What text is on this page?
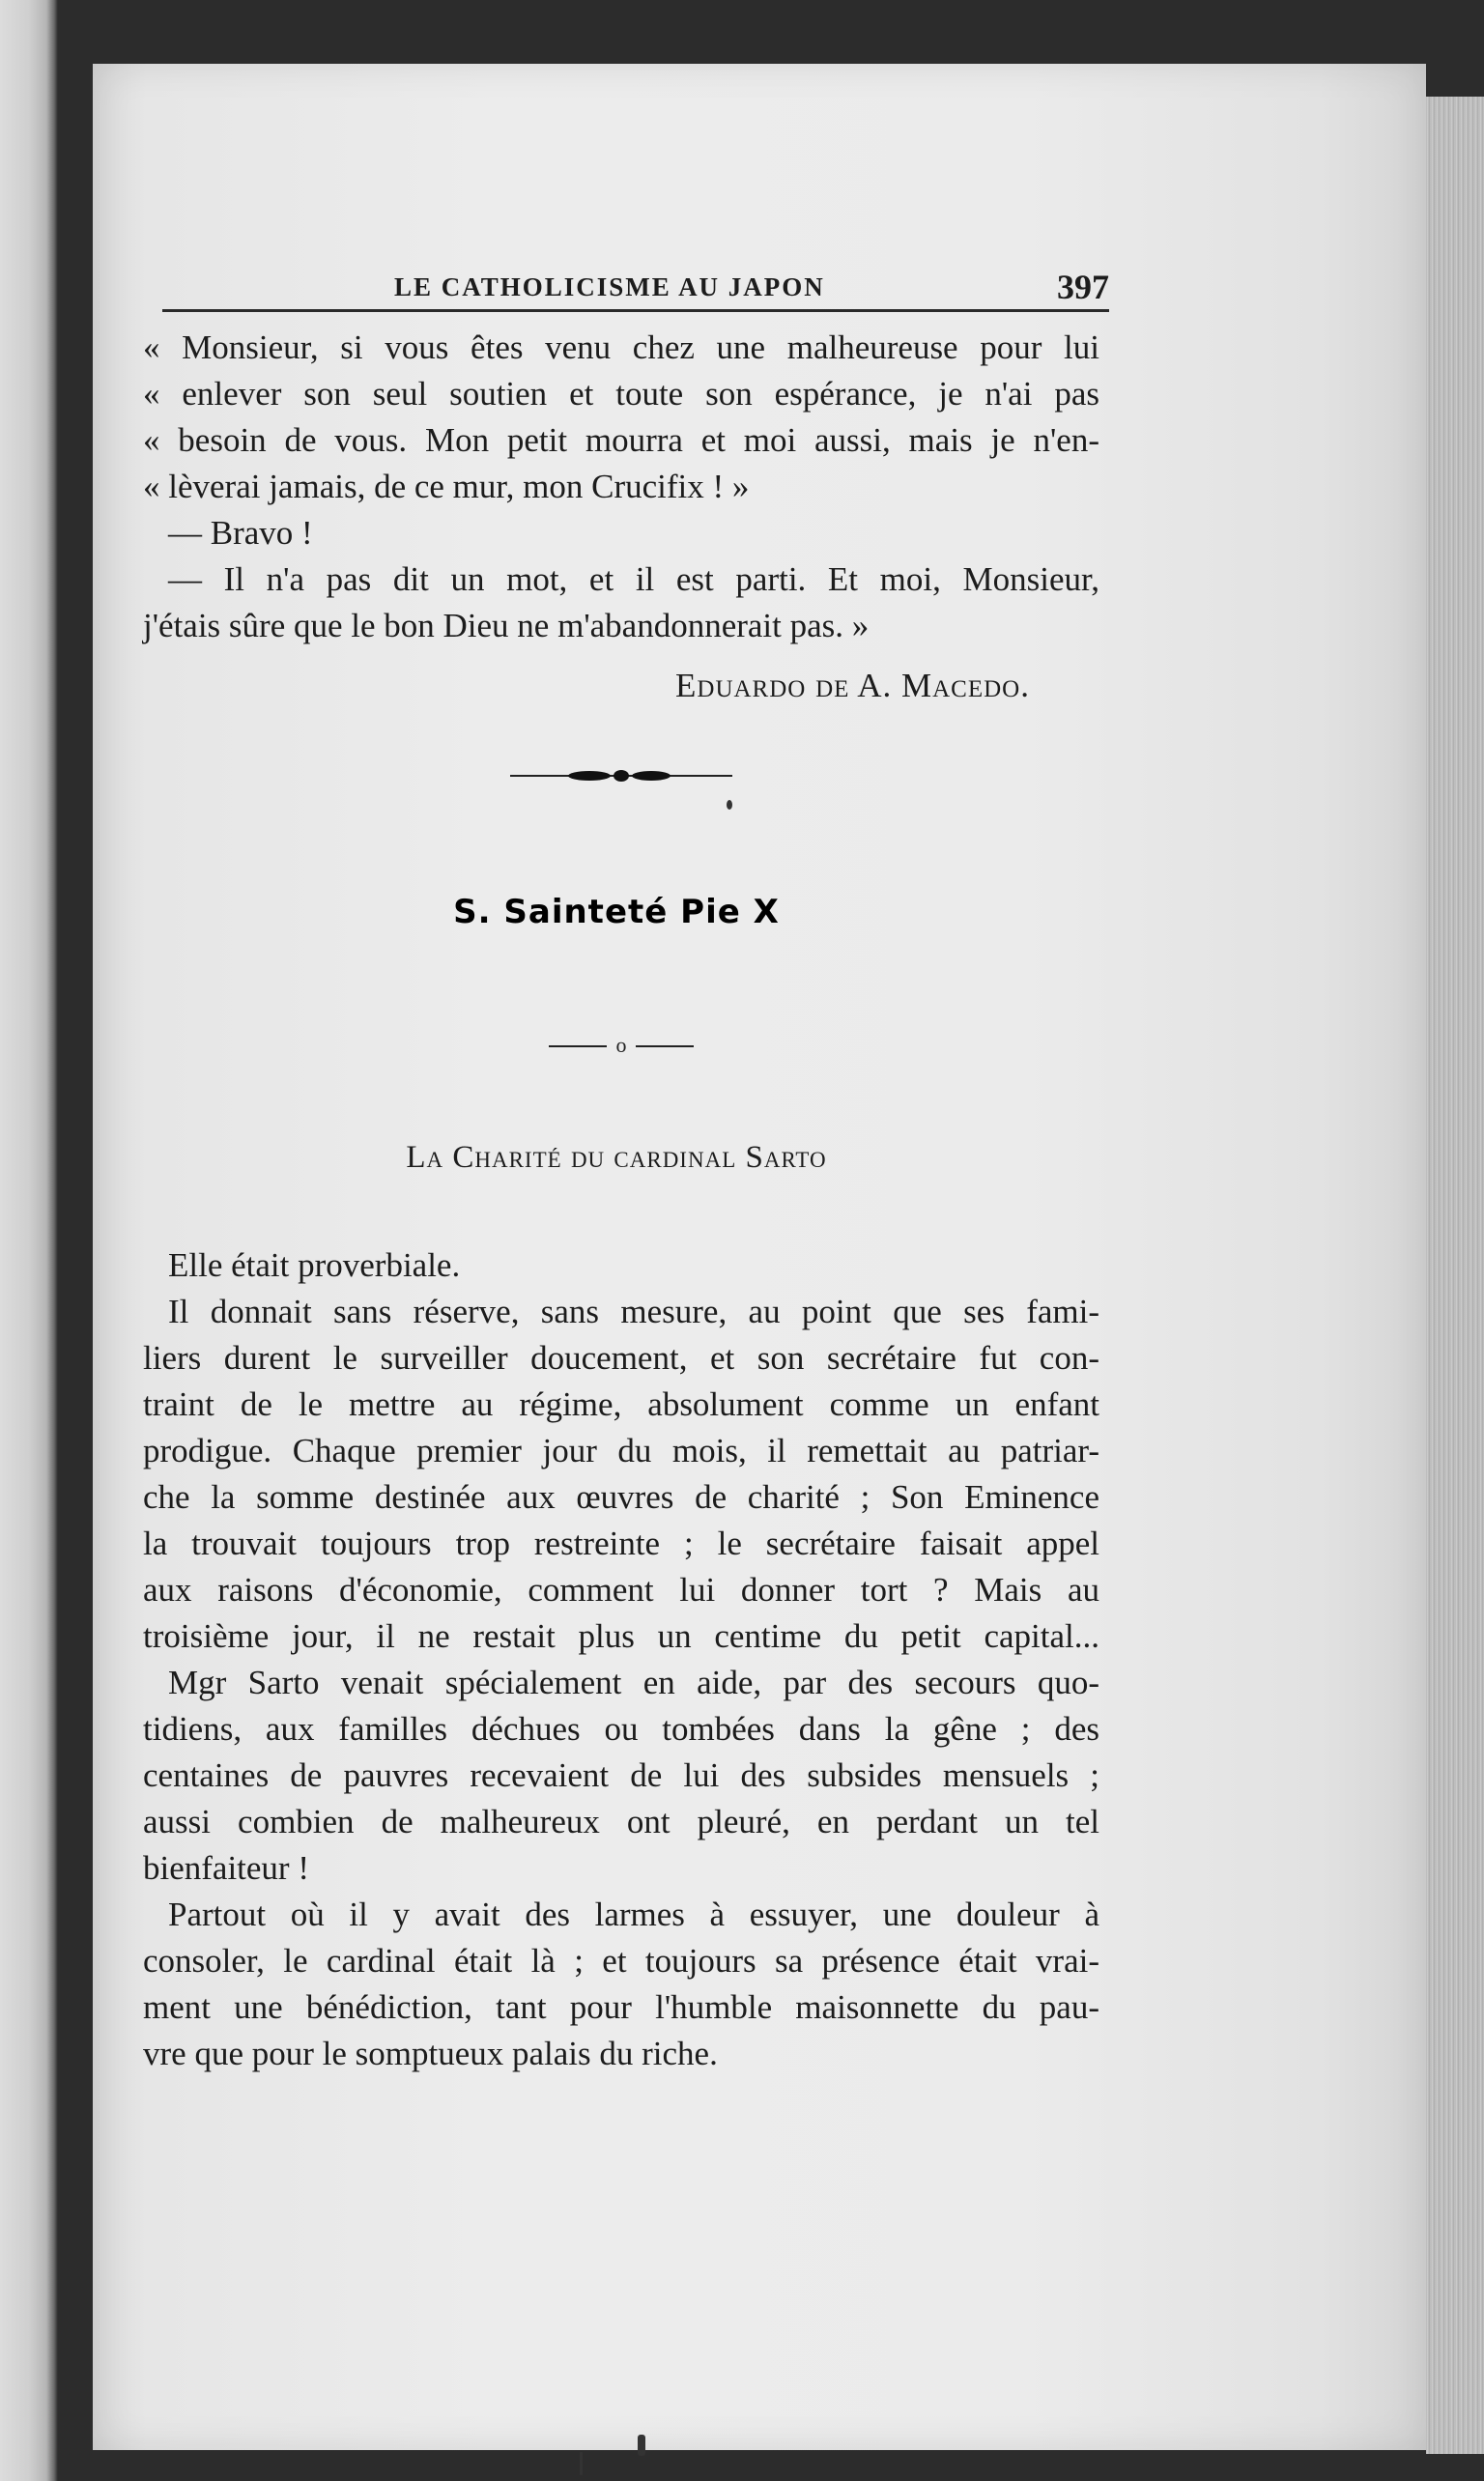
LE CATHOLICISME AU JAPON	397
« Monsieur, si vous êtes venu chez une malheureuse pour lui
« enlever son seul soutien et toute son espérance, je n'ai pas
« besoin de vous. Mon petit mourra et moi aussi, mais je n'en-
« lèverai jamais, de ce mur, mon Crucifix ! »
— Bravo !
— Il n'a pas dit un mot, et il est parti. Et moi, Monsieur,
j'étais sûre que le bon Dieu ne m'abandonnerait pas. »
Eduardo de A. Macedo.
S. Sainteté Pie X
o
La Charité du cardinal Sarto
Elle était proverbiale.
Il donnait sans réserve, sans mesure, au point que ses fami-
liers durent le surveiller doucement, et son secrétaire fut con-
traint de le mettre au régime, absolument comme un enfant
prodigue. Chaque premier jour du mois, il remettait au patriar-
che la somme destinée aux œuvres de charité ; Son Eminence
la trouvait toujours trop restreinte ; le secrétaire faisait appel
aux raisons d'économie, comment lui donner tort ? Mais au
troisième jour, il ne restait plus un centime du petit capital...
Mgr Sarto venait spécialement en aide, par des secours quo-
tidiens, aux familles déchues ou tombées dans la gêne ; des
centaines de pauvres recevaient de lui des subsides mensuels ;
aussi combien de malheureux ont pleuré, en perdant un tel
bienfaiteur !
Partout où il y avait des larmes à essuyer, une douleur à
consoler, le cardinal était là ; et toujours sa présence était vrai-
ment une bénédiction, tant pour l'humble maisonnette du pau-
vre que pour le somptueux palais du riche.
